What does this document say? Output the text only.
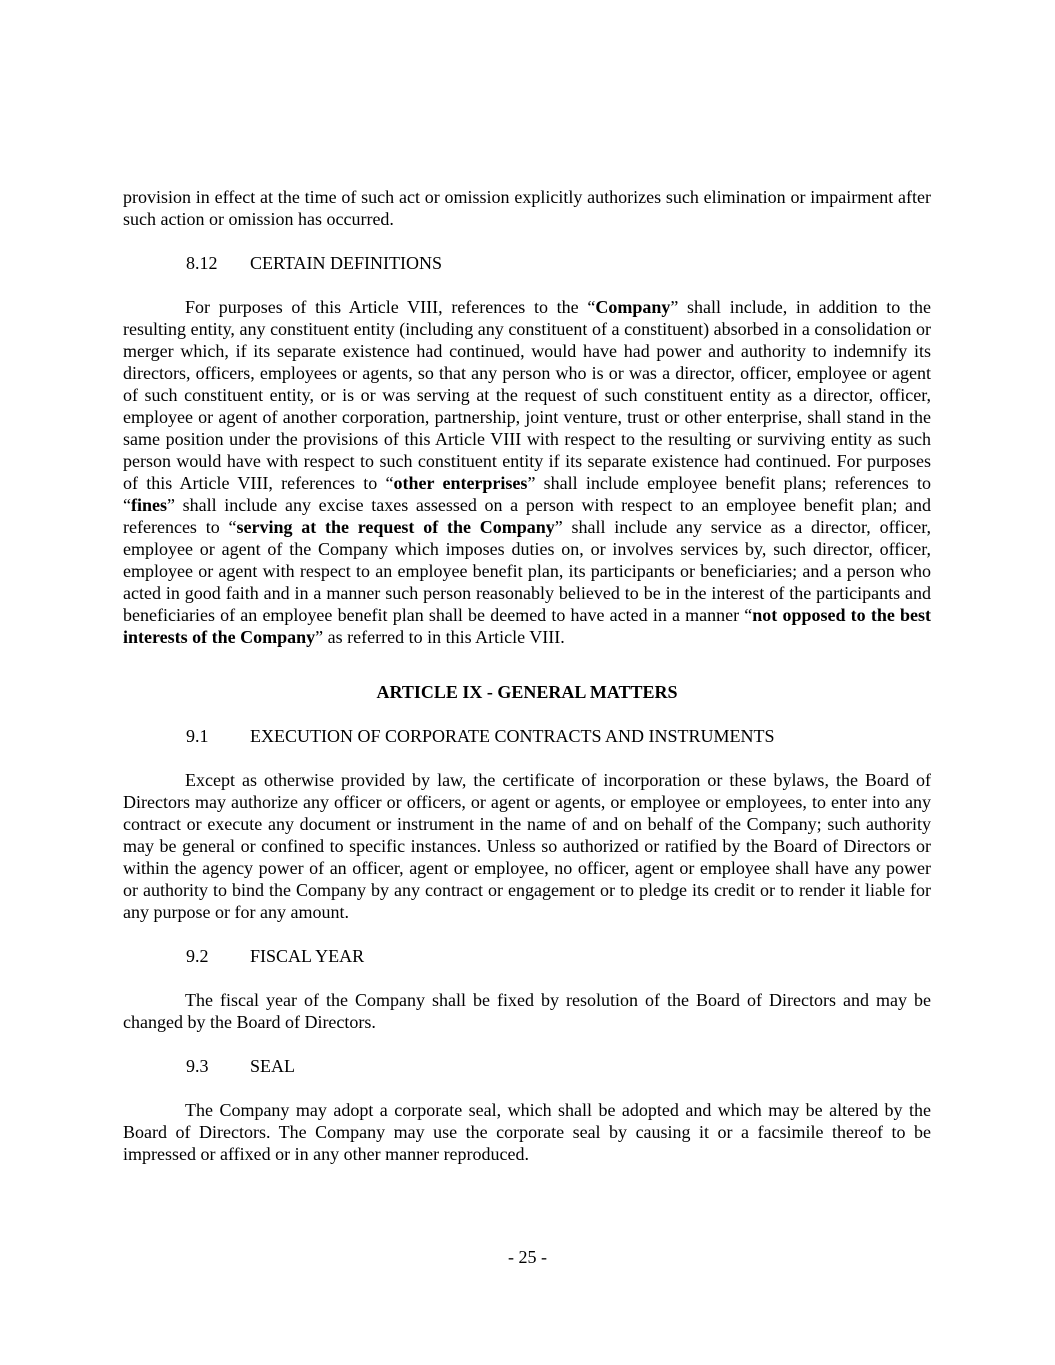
provision in effect at the time of such act or omission explicitly authorizes such elimination or impairment after such action or omission has occurred.

8.12 CERTAIN DEFINITIONS

For purposes of this Article VIII, references to the “Company” shall include, in addition to the resulting entity, any constituent entity (including any constituent of a constituent) absorbed in a consolidation or merger which, if its separate existence had continued, would have had power and authority to indemnify its directors, officers, employees or agents, so that any person who is or was a director, officer, employee or agent of such constituent entity, or is or was serving at the request of such constituent entity as a director, officer, employee or agent of another corporation, partnership, joint venture, trust or other enterprise, shall stand in the same position under the provisions of this Article VIII with respect to the resulting or surviving entity as such person would have with respect to such constituent entity if its separate existence had continued. For purposes of this Article VIII, references to “other enterprises” shall include employee benefit plans; references to “fines” shall include any excise taxes assessed on a person with respect to an employee benefit plan; and references to “serving at the request of the Company” shall include any service as a director, officer, employee or agent of the Company which imposes duties on, or involves services by, such director, officer, employee or agent with respect to an employee benefit plan, its participants or beneficiaries; and a person who acted in good faith and in a manner such person reasonably believed to be in the interest of the participants and beneficiaries of an employee benefit plan shall be deemed to have acted in a manner “not opposed to the best interests of the Company” as referred to in this Article VIII.

ARTICLE IX - GENERAL MATTERS
9.1 EXECUTION OF CORPORATE CONTRACTS AND INSTRUMENTS

Except as otherwise provided by law, the certificate of incorporation or these bylaws, the Board of Directors may authorize any officer or officers, or agent or agents, or employee or employees, to enter into any contract or execute any document or instrument in the name of and on behalf of the Company; such authority may be general or confined to specific instances. Unless so authorized or ratified by the Board of Directors or within the agency power of an officer, agent or employee, no officer, agent or employee shall have any power or authority to bind the Company by any contract or engagement or to pledge its credit or to render it liable for any purpose or for any amount.

9.2 FISCAL YEAR

The fiscal year of the Company shall be fixed by resolution of the Board of Directors and may be changed by the Board of Directors.

9.3 SEAL

The Company may adopt a corporate seal, which shall be adopted and which may be altered by the Board of Directors. The Company may use the corporate seal by causing it or a facsimile thereof to be impressed or affixed or in any other manner reproduced.

- 25 -
